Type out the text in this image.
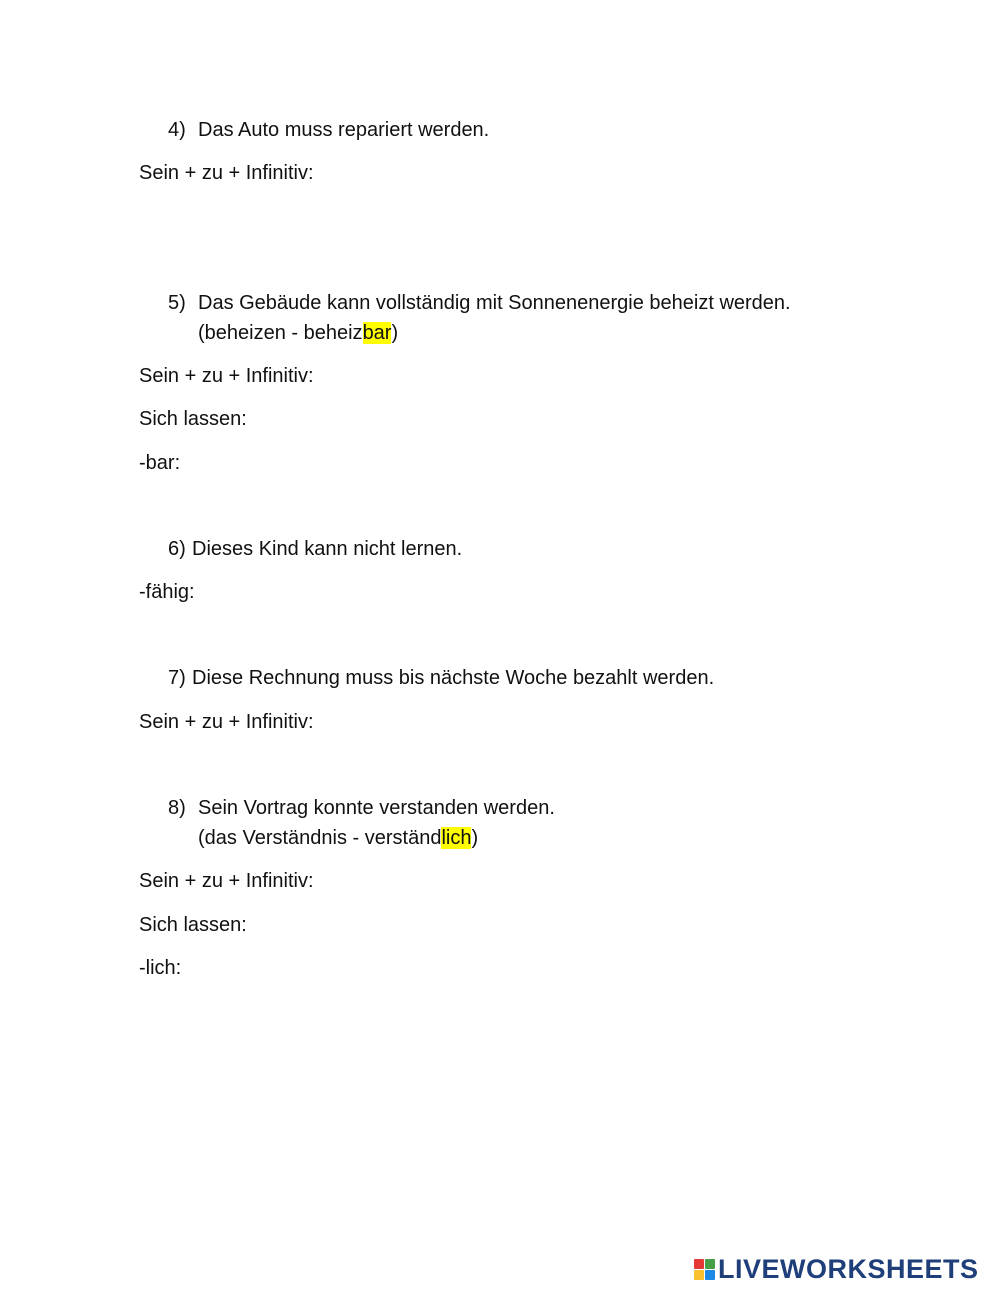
4) Das Auto muss repariert werden.
Sein + zu + Infinitiv:
5) Das Gebäude kann vollständig mit Sonnenenergie beheizt werden.
(beheizen - beheizbar)
Sein + zu + Infinitiv:
Sich lassen:
-bar:
6) Dieses Kind kann nicht lernen.
-fähig:
7) Diese Rechnung muss bis nächste Woche bezahlt werden.
Sein + zu + Infinitiv:
8) Sein Vortrag konnte verstanden werden.
(das Verständnis - verständlich)
Sein + zu + Infinitiv:
Sich lassen:
-lich:
LIVEWORKSHEETS
